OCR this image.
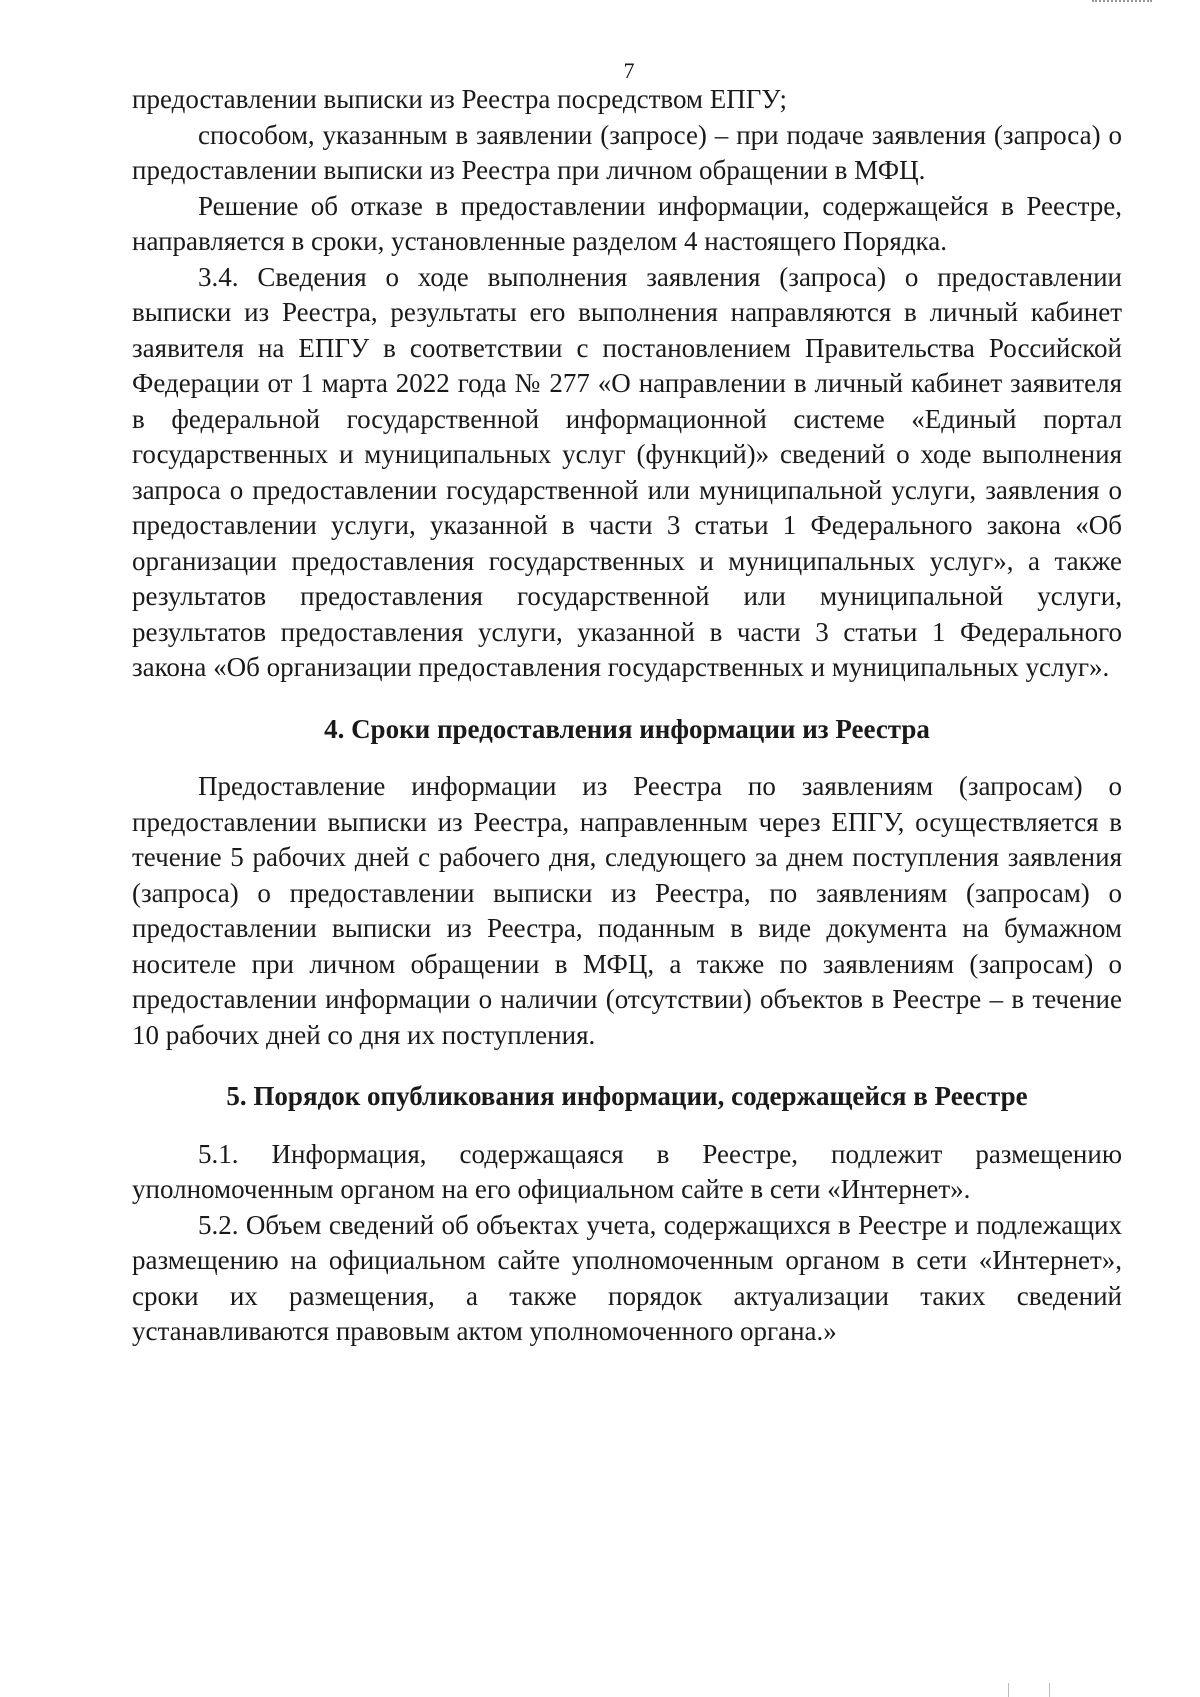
7

предоставлении выписки из Реестра посредством ЕПГУ;

способом, указанным в заявлении (запросе) – при подаче заявления (запроса) о предоставлении выписки из Реестра при личном обращении в МФЦ.

Решение об отказе в предоставлении информации, содержащейся в Реестре, направляется в сроки, установленные разделом 4 настоящего Порядка.

3.4. Сведения о ходе выполнения заявления (запроса) о предоставлении выписки из Реестра, результаты его выполнения направляются в личный кабинет заявителя на ЕПГУ в соответствии с постановлением Правительства Российской Федерации от 1 марта 2022 года № 277 «О направлении в личный кабинет заявителя в федеральной государственной информационной системе «Единый портал государственных и муниципальных услуг (функций)» сведений о ходе выполнения запроса о предоставлении государственной или муниципальной услуги, заявления о предоставлении услуги, указанной в части 3 статьи 1 Федерального закона «Об организации предоставления государственных и муниципальных услуг», а также результатов предоставления государственной или муниципальной услуги, результатов предоставления услуги, указанной в части 3 статьи 1 Федерального закона «Об организации предоставления государственных и муниципальных услуг».

4. Сроки предоставления информации из Реестра

Предоставление информации из Реестра по заявлениям (запросам) о предоставлении выписки из Реестра, направленным через ЕПГУ, осуществляется в течение 5 рабочих дней с рабочего дня, следующего за днем поступления заявления (запроса) о предоставлении выписки из Реестра, по заявлениям (запросам) о предоставлении выписки из Реестра, поданным в виде документа на бумажном носителе при личном обращении в МФЦ, а также по заявлениям (запросам) о предоставлении информации о наличии (отсутствии) объектов в Реестре – в течение 10 рабочих дней со дня их поступления.

5. Порядок опубликования информации, содержащейся в Реестре

5.1. Информация, содержащаяся в Реестре, подлежит размещению уполномоченным органом на его официальном сайте в сети «Интернет».

5.2. Объем сведений об объектах учета, содержащихся в Реестре и подлежащих размещению на официальном сайте уполномоченным органом в сети «Интернет», сроки их размещения, а также порядок актуализации таких сведений устанавливаются правовым актом уполномоченного органа.»
